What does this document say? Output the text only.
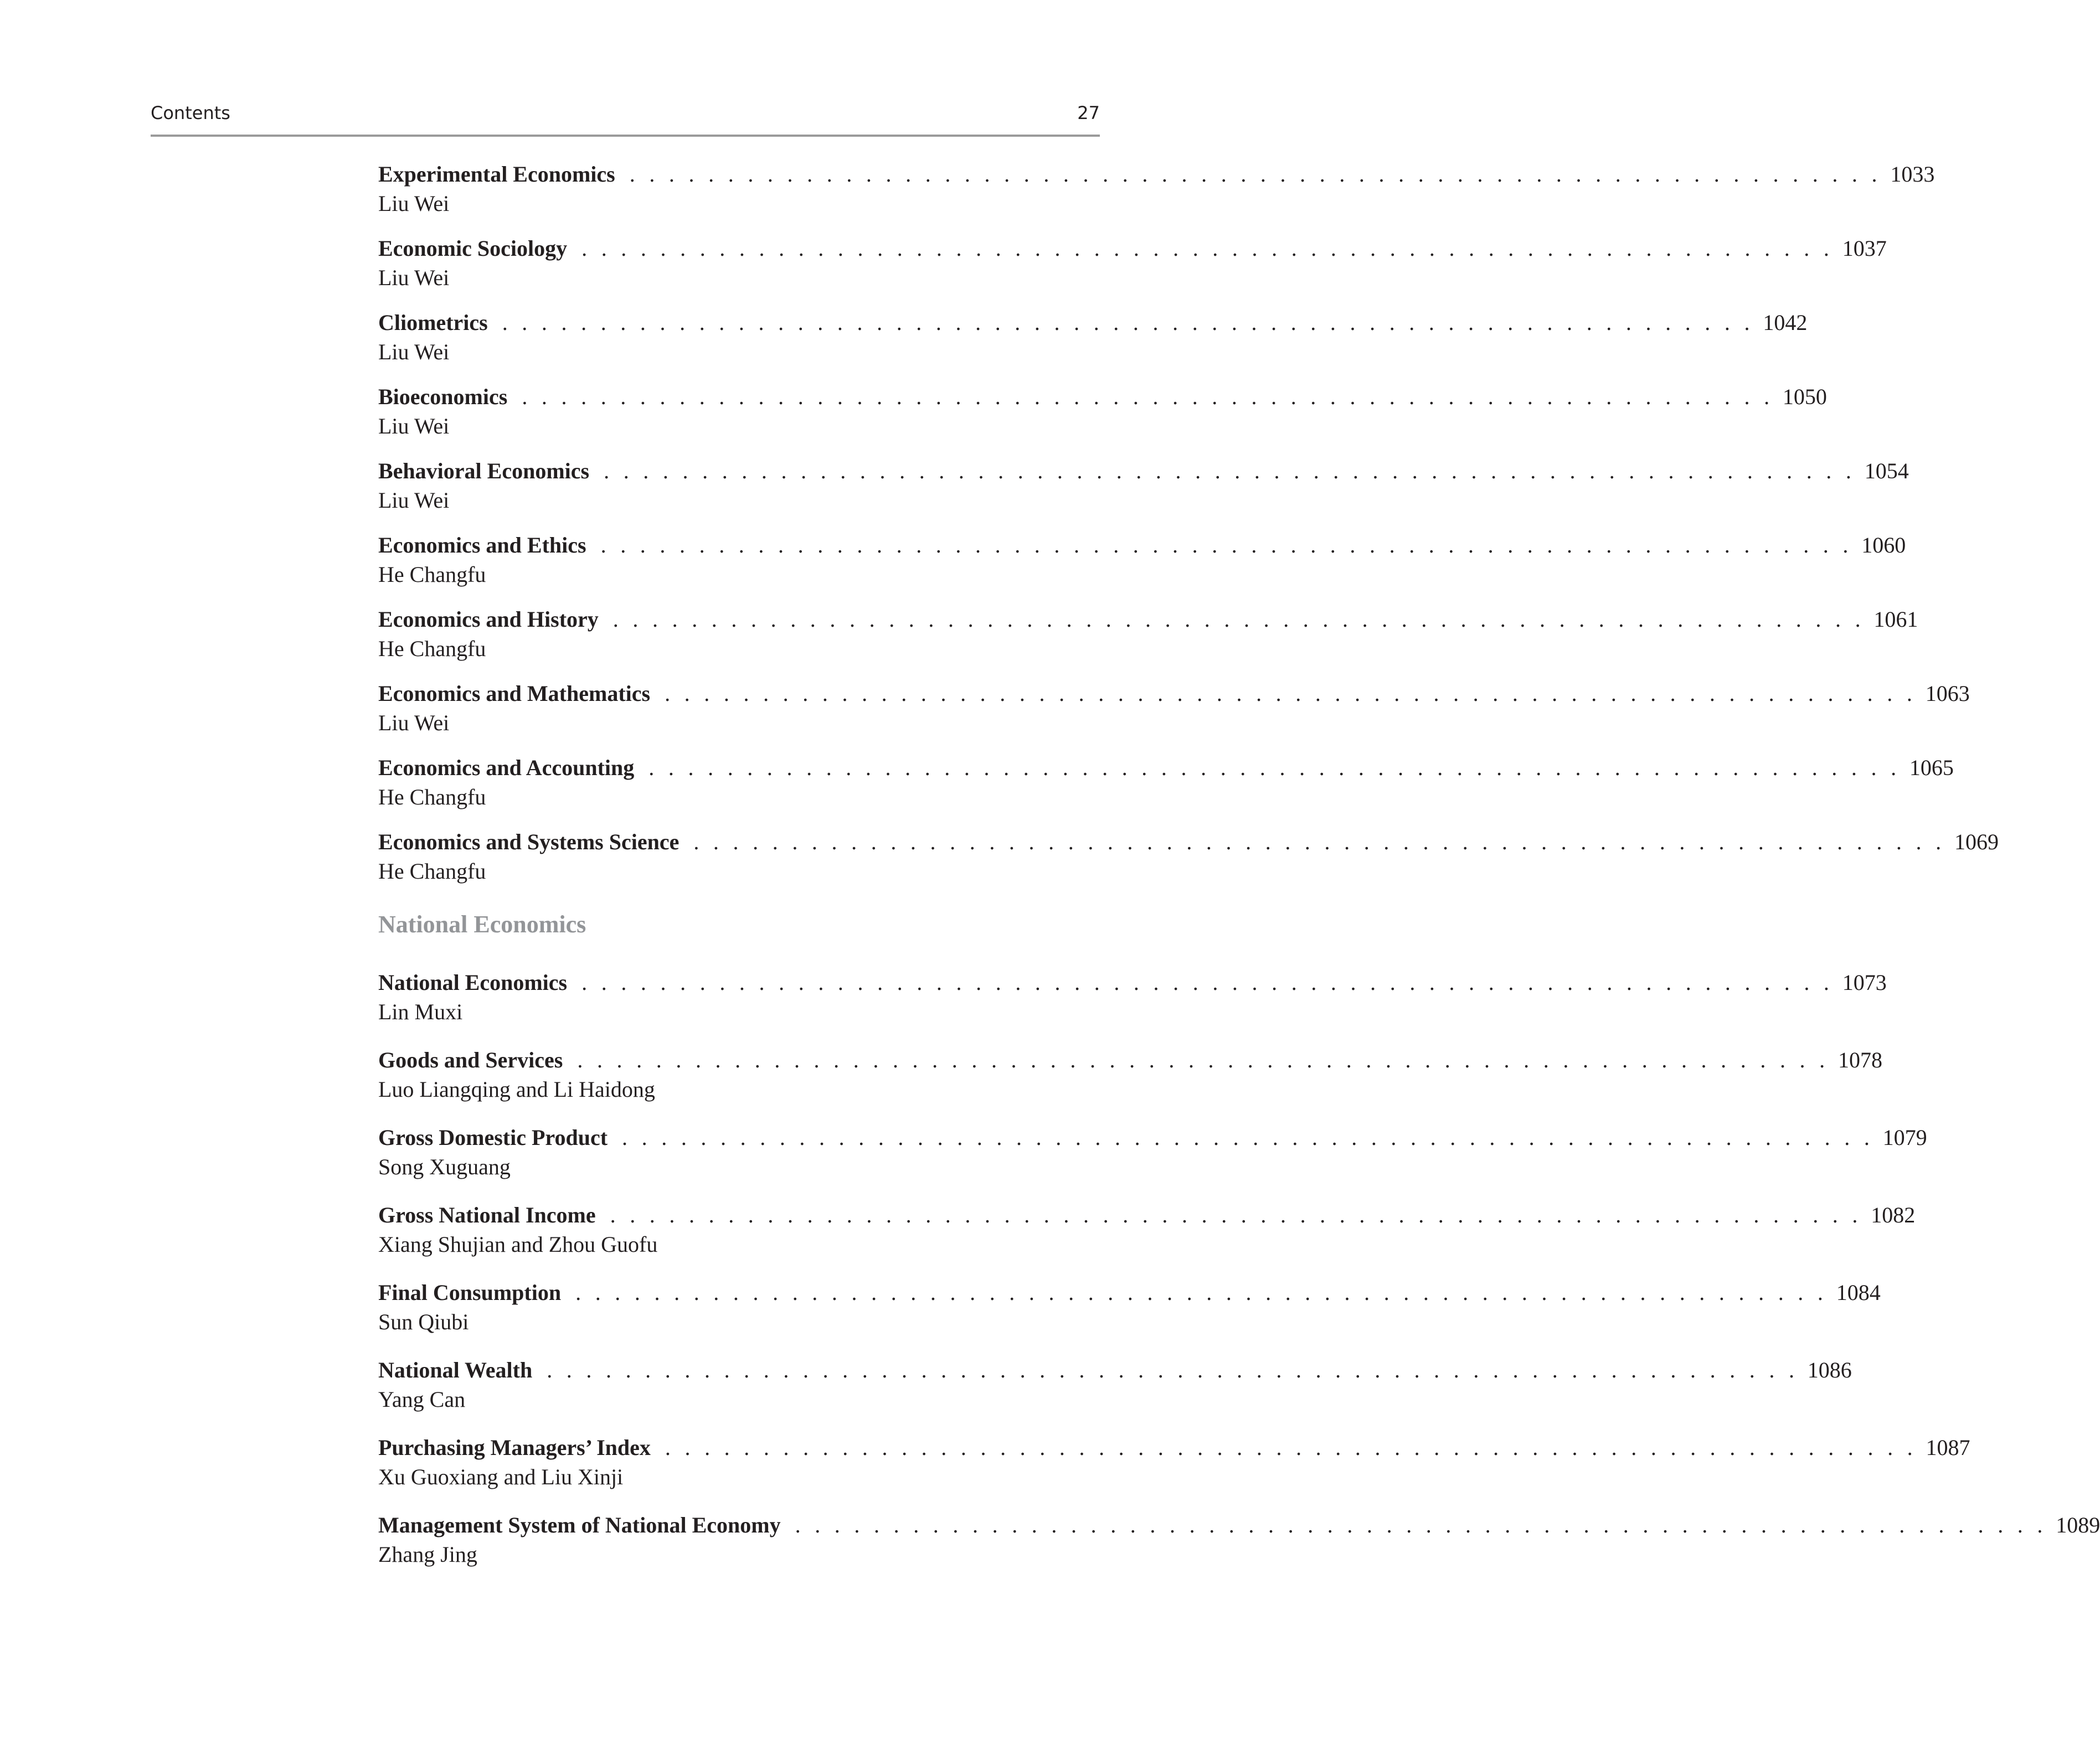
Contents	27
Experimental Economics . . . . . . . . . . . . . . . . . . . . . . . . . . . . . . . . . . . . . . . . . . . . . . . . . . . . . . . . . . . . . . . . 1033
Liu Wei
Economic Sociology . . . . . . . . . . . . . . . . . . . . . . . . . . . . . . . . . . . . . . . . . . . . . . . . . . . . . . . . . . . . . . . . 1037
Liu Wei
Cliometrics . . . . . . . . . . . . . . . . . . . . . . . . . . . . . . . . . . . . . . . . . . . . . . . . . . . . . . . . . . . . . . . . 1042
Liu Wei
Bioeconomics . . . . . . . . . . . . . . . . . . . . . . . . . . . . . . . . . . . . . . . . . . . . . . . . . . . . . . . . . . . . . . . . 1050
Liu Wei
Behavioral Economics . . . . . . . . . . . . . . . . . . . . . . . . . . . . . . . . . . . . . . . . . . . . . . . . . . . . . . . . . . . . . . . . 1054
Liu Wei
Economics and Ethics . . . . . . . . . . . . . . . . . . . . . . . . . . . . . . . . . . . . . . . . . . . . . . . . . . . . . . . . . . . . . . . . 1060
He Changfu
Economics and History . . . . . . . . . . . . . . . . . . . . . . . . . . . . . . . . . . . . . . . . . . . . . . . . . . . . . . . . . . . . . . . . 1061
He Changfu
Economics and Mathematics . . . . . . . . . . . . . . . . . . . . . . . . . . . . . . . . . . . . . . . . . . . . . . . . . . . . . . . . . . . . . . . . 1063
Liu Wei
Economics and Accounting . . . . . . . . . . . . . . . . . . . . . . . . . . . . . . . . . . . . . . . . . . . . . . . . . . . . . . . . . . . . . . . . 1065
He Changfu
Economics and Systems Science . . . . . . . . . . . . . . . . . . . . . . . . . . . . . . . . . . . . . . . . . . . . . . . . . . . . . . . . . . . . . . . . 1069
He Changfu
National Economics
National Economics . . . . . . . . . . . . . . . . . . . . . . . . . . . . . . . . . . . . . . . . . . . . . . . . . . . . . . . . . . . . . . . . 1073
Lin Muxi
Goods and Services . . . . . . . . . . . . . . . . . . . . . . . . . . . . . . . . . . . . . . . . . . . . . . . . . . . . . . . . . . . . . . . . 1078
Luo Liangqing and Li Haidong
Gross Domestic Product . . . . . . . . . . . . . . . . . . . . . . . . . . . . . . . . . . . . . . . . . . . . . . . . . . . . . . . . . . . . . . . . 1079
Song Xuguang
Gross National Income . . . . . . . . . . . . . . . . . . . . . . . . . . . . . . . . . . . . . . . . . . . . . . . . . . . . . . . . . . . . . . . . 1082
Xiang Shujian and Zhou Guofu
Final Consumption . . . . . . . . . . . . . . . . . . . . . . . . . . . . . . . . . . . . . . . . . . . . . . . . . . . . . . . . . . . . . . . . 1084
Sun Qiubi
National Wealth . . . . . . . . . . . . . . . . . . . . . . . . . . . . . . . . . . . . . . . . . . . . . . . . . . . . . . . . . . . . . . . . 1086
Yang Can
Purchasing Managers’ Index . . . . . . . . . . . . . . . . . . . . . . . . . . . . . . . . . . . . . . . . . . . . . . . . . . . . . . . . . . . . . . . . 1087
Xu Guoxiang and Liu Xinji
Management System of National Economy . . . . . . . . . . . . . . . . . . . . . . . . . . . . . . . . . . . . . . . . . . . . . . . . . . . . . . . . . . . . . . . . 1089
Zhang Jing
